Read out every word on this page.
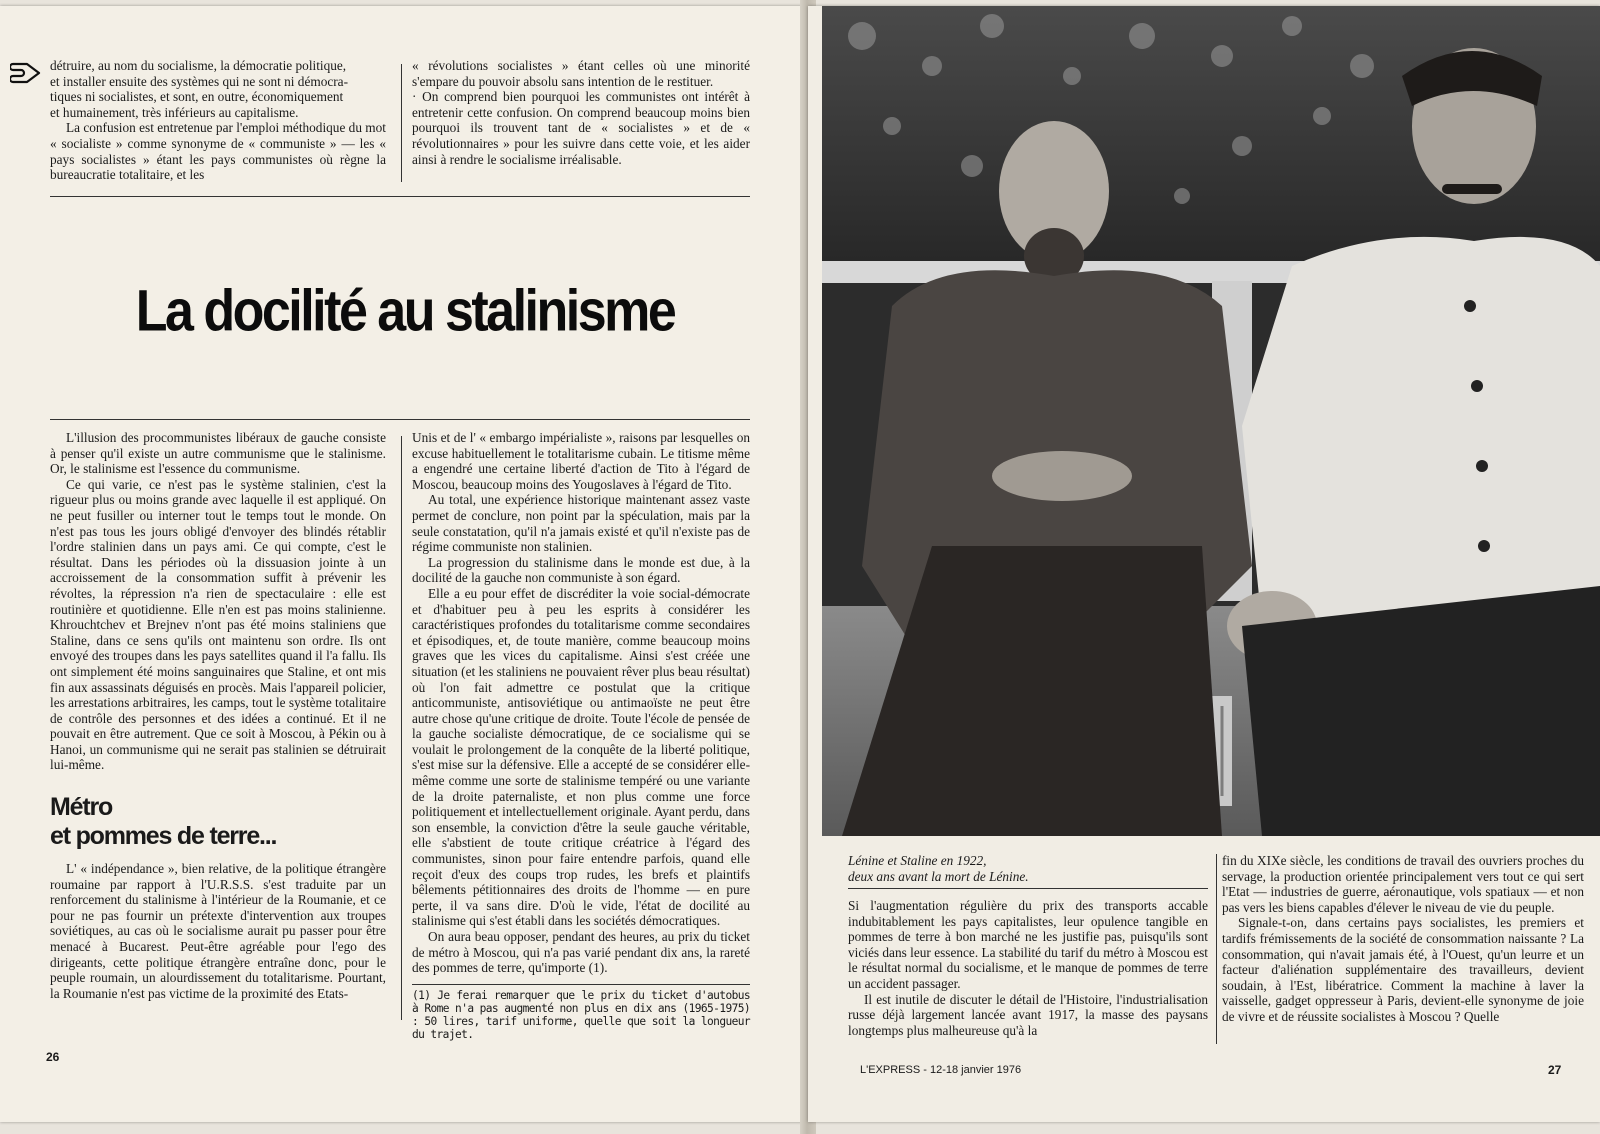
détruire, au nom du socialisme, la démocratie politique,

et installer ensuite des systèmes qui ne sont ni démocra-

tiques ni socialistes, et sont, en outre, économiquement

et humainement, très inférieurs au capitalisme.

La confusion est entretenue par l'emploi méthodique du mot « socialiste » comme synonyme de « communiste » — les « pays socialistes » étant les pays communistes où règne la bureaucratie totalitaire, et les

« révolutions socialistes » étant celles où une minorité s'empare du pouvoir absolu sans intention de le restituer.

· On comprend bien pourquoi les communistes ont intérêt à entretenir cette confusion. On comprend beaucoup moins bien pourquoi ils trouvent tant de « socialistes » et de « révolutionnaires » pour les suivre dans cette voie, et les aider ainsi à rendre le socialisme irréalisable.

La docilité au stalinisme

L'illusion des procommunistes libéraux de gauche consiste à penser qu'il existe un autre communisme que le stalinisme. Or, le stalinisme est l'essence du communisme.

Ce qui varie, ce n'est pas le système stalinien, c'est la rigueur plus ou moins grande avec laquelle il est appliqué. On ne peut fusiller ou interner tout le temps tout le monde. On n'est pas tous les jours obligé d'envoyer des blindés rétablir l'ordre stalinien dans un pays ami. Ce qui compte, c'est le résultat. Dans les périodes où la dissuasion jointe à un accroissement de la consommation suffit à prévenir les révoltes, la répression n'a rien de spectaculaire : elle est routinière et quotidienne. Elle n'en est pas moins stalinienne. Khrouchtchev et Brejnev n'ont pas été moins staliniens que Staline, dans ce sens qu'ils ont maintenu son ordre. Ils ont envoyé des troupes dans les pays satellites quand il l'a fallu. Ils ont simplement été moins sanguinaires que Staline, et ont mis fin aux assassinats déguisés en procès. Mais l'appareil policier, les arrestations arbitraires, les camps, tout le système totalitaire de contrôle des personnes et des idées a continué. Et il ne pouvait en être autrement. Que ce soit à Moscou, à Pékin ou à Hanoi, un communisme qui ne serait pas stalinien se détruirait lui-même.

Métro
et pommes de terre...

L' « indépendance », bien relative, de la politique étrangère roumaine par rapport à l'U.R.S.S. s'est traduite par un renforcement du stalinisme à l'intérieur de la Roumanie, et ce pour ne pas fournir un prétexte d'intervention aux troupes soviétiques, au cas où le socialisme aurait pu passer pour être menacé à Bucarest. Peut-être agréable pour l'ego des dirigeants, cette politique étrangère entraîne donc, pour le peuple roumain, un alourdissement du totalitarisme. Pourtant, la Roumanie n'est pas victime de la proximité des Etats-

Unis et de l' « embargo impérialiste », raisons par lesquelles on excuse habituellement le totalitarisme cubain. Le titisme même a engendré une certaine liberté d'action de Tito à l'égard de Moscou, beaucoup moins des Yougoslaves à l'égard de Tito.

Au total, une expérience historique maintenant assez vaste permet de conclure, non point par la spéculation, mais par la seule constatation, qu'il n'a jamais existé et qu'il n'existe pas de régime communiste non stalinien.

La progression du stalinisme dans le monde est due, à la docilité de la gauche non communiste à son égard.

Elle a eu pour effet de discréditer la voie social-démocrate et d'habituer peu à peu les esprits à considérer les caractéristiques profondes du totalitarisme comme secondaires et épisodiques, et, de toute manière, comme beaucoup moins graves que les vices du capitalisme. Ainsi s'est créée une situation (et les staliniens ne pouvaient rêver plus beau résultat) où l'on fait admettre ce postulat que la critique anticommuniste, antisoviétique ou antimaoïste ne peut être autre chose qu'une critique de droite. Toute l'école de pensée de la gauche socialiste démocratique, de ce socialisme qui se voulait le prolongement de la conquête de la liberté politique, s'est mise sur la défensive. Elle a accepté de se considérer elle-même comme une sorte de stalinisme tempéré ou une variante de la droite paternaliste, et non plus comme une force politiquement et intellectuellement originale. Ayant perdu, dans son ensemble, la conviction d'être la seule gauche véritable, elle s'abstient de toute critique créatrice à l'égard des communistes, sinon pour faire entendre parfois, quand elle reçoit d'eux des coups trop rudes, les brefs et plaintifs bêlements pétitionnaires des droits de l'homme — en pure perte, il va sans dire. D'où le vide, l'état de docilité au stalinisme qui s'est établi dans les sociétés démocratiques.

On aura beau opposer, pendant des heures, au prix du ticket de métro à Moscou, qui n'a pas varié pendant dix ans, la rareté des pommes de terre, qu'importe (1).

(1) Je ferai remarquer que le prix du ticket d'autobus à Rome n'a pas augmenté non plus en dix ans (1965-1975) : 50 lires, tarif uniforme, quelle que soit la longueur du trajet.

26
Lénine et Staline en 1922,
deux ans avant la mort de Lénine.

Si l'augmentation régulière du prix des transports accable indubitablement les pays capitalistes, leur opulence tangible en pommes de terre à bon marché ne les justifie pas, puisqu'ils sont viciés dans leur essence. La stabilité du tarif du métro à Moscou est le résultat normal du socialisme, et le manque de pommes de terre un accident passager.

Il est inutile de discuter le détail de l'Histoire, l'industrialisation russe déjà largement lancée avant 1917, la masse des paysans longtemps plus malheureuse qu'à la

fin du XIXe siècle, les conditions de travail des ouvriers proches du servage, la production orientée principalement vers tout ce qui sert l'Etat — industries de guerre, aéronautique, vols spatiaux — et non pas vers les biens capables d'élever le niveau de vie du peuple.

Signale-t-on, dans certains pays socialistes, les premiers et tardifs frémissements de la société de consommation naissante ? La consommation, qui n'avait jamais été, à l'Ouest, qu'un leurre et un facteur d'aliénation supplémentaire des travailleurs, devient soudain, à l'Est, libératrice. Comment la machine à laver la vaisselle, gadget oppresseur à Paris, devient-elle synonyme de joie de vivre et de réussite socialistes à Moscou ? Quelle

L'EXPRESS - 12-18 janvier 1976	27
